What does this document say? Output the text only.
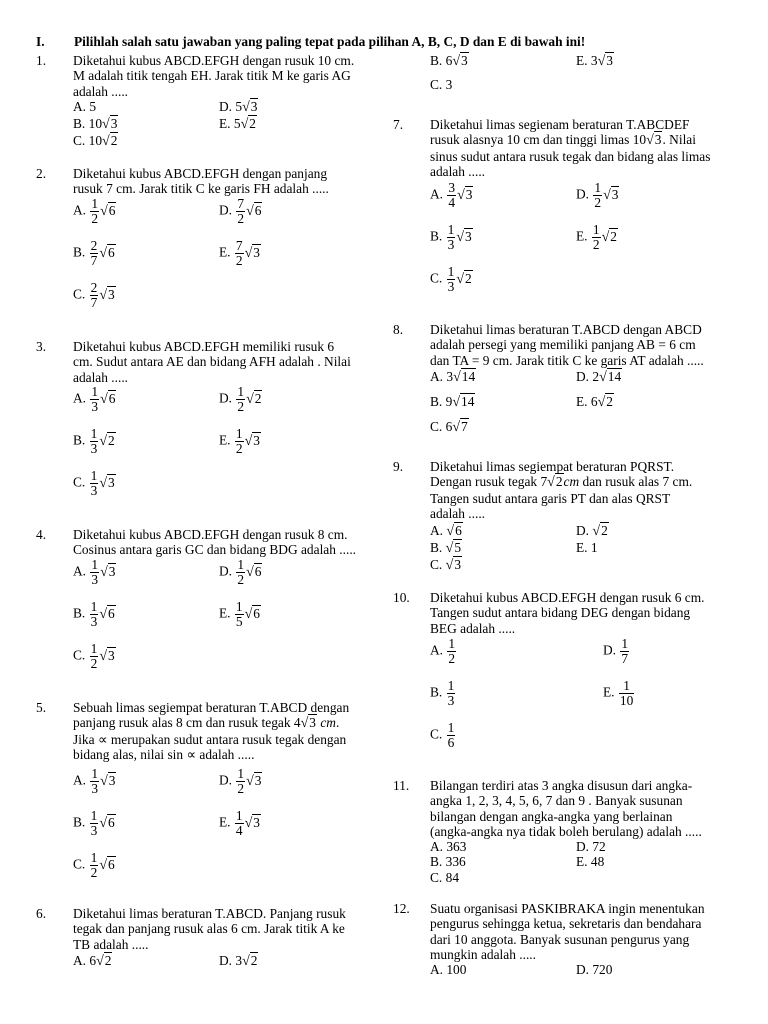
I. Pilihlah salah satu jawaban yang paling tepat pada pilihan A, B, C, D dan E di bawah ini!
1. Diketahui kubus ABCD.EFGH dengan rusuk 10 cm.
M adalah titik tengah EH. Jarak titik M ke garis AG
adalah .....
A. 5	D. 5√3
B. 10√3	E. 5√2
C. 10√2
2. Diketahui kubus ABCD.EFGH dengan panjang
rusuk 7 cm. Jarak titik C ke garis FH adalah .....
A. $\frac{1}{2} √6$	D. $\frac{7}{2} √6$
B. $\frac{2}{7} √6$	E. $\frac{7}{2} √3$
C. $\frac{2}{7} √3$
3. Diketahui kubus ABCD.EFGH memiliki rusuk 6
cm. Sudut antara AE dan bidang AFH adalah . Nilai
adalah .....
A. $\frac{1}{3} √6$	D. $\frac{1}{2} √2$
B. $\frac{1}{3} √2$	E. $\frac{1}{2} √3$
C. $\frac{1}{3} √3$
4. Diketahui kubus ABCD.EFGH dengan rusuk 8 cm.
Cosinus antara garis GC dan bidang BDG adalah .....
A. $\frac{1}{3} √3$	D. $\frac{1}{2} √6$
B. $\frac{1}{3} √6$	E. $\frac{1}{5} √6$
C. $\frac{1}{2} √3$
5. Sebuah limas segiempat beraturan T.ABCD dengan
panjang rusuk alas 8 cm dan rusuk tegak 4√3 cm.
Jika ∝ merupakan sudut antara rusuk tegak dengan
bidang alas, nilai sin ∝ adalah .....
A. $\frac{1}{3} √3$	D. $\frac{1}{2} √3$
B. $\frac{1}{3} √6$	E. $\frac{1}{4} √3$
C. $\frac{1}{2} √6$
6. Diketahui limas beraturan T.ABCD. Panjang rusuk
tegak dan panjang rusuk alas 6 cm. Jarak titik A ke
TB adalah .....
A. 6√2	D. 3√2
B. 6√3	E. 3√3
C. 3
7. Diketahui limas segienam beraturan T.ABCDEF
rusuk alasnya 10 cm dan tinggi limas 10√3. Nilai
sinus sudut antara rusuk tegak dan bidang alas limas
adalah .....
A. $\frac{3}{4} √3$	D. $\frac{1}{2} √3$
B. $\frac{1}{3} √3$	E. $\frac{1}{2} √2$
C. $\frac{1}{3} √2$
8. Diketahui limas beraturan T.ABCD dengan ABCD
adalah persegi yang memiliki panjang AB = 6 cm
dan TA = 9 cm. Jarak titik C ke garis AT adalah .....
A. 3√14	D. 2√14
B. 9√14	E. 6√2
C. 6√7
9. Diketahui limas segiempat beraturan PQRST.
Dengan rusuk tegak 7√2cm dan rusuk alas 7 cm.
Tangen sudut antara garis PT dan alas QRST
adalah .....
A. √6	D. √2
B. √5	E. 1
C. √3
10. Diketahui kubus ABCD.EFGH dengan rusuk 6 cm.
Tangen sudut antara bidang DEG dengan bidang
BEG adalah .....
A. $\frac{1}{2}$	D. $\frac{1}{7}$
B. $\frac{1}{3}$	E. $\frac{1}{10}$
C. $\frac{1}{6}$
11. Bilangan terdiri atas 3 angka disusun dari angka-
angka 1, 2, 3, 4, 5, 6, 7 dan 9 . Banyak susunan
bilangan dengan angka-angka yang berlainan
(angka-angka nya tidak boleh berulang) adalah .....
A. 363	D. 72
B. 336	E. 48
C. 84
12. Suatu organisasi PASKIBRAKA ingin menentukan
pengurus sehingga ketua, sekretaris dan bendahara
dari 10 anggota. Banyak susunan pengurus yang
mungkin adalah .....
A. 100	D. 720
